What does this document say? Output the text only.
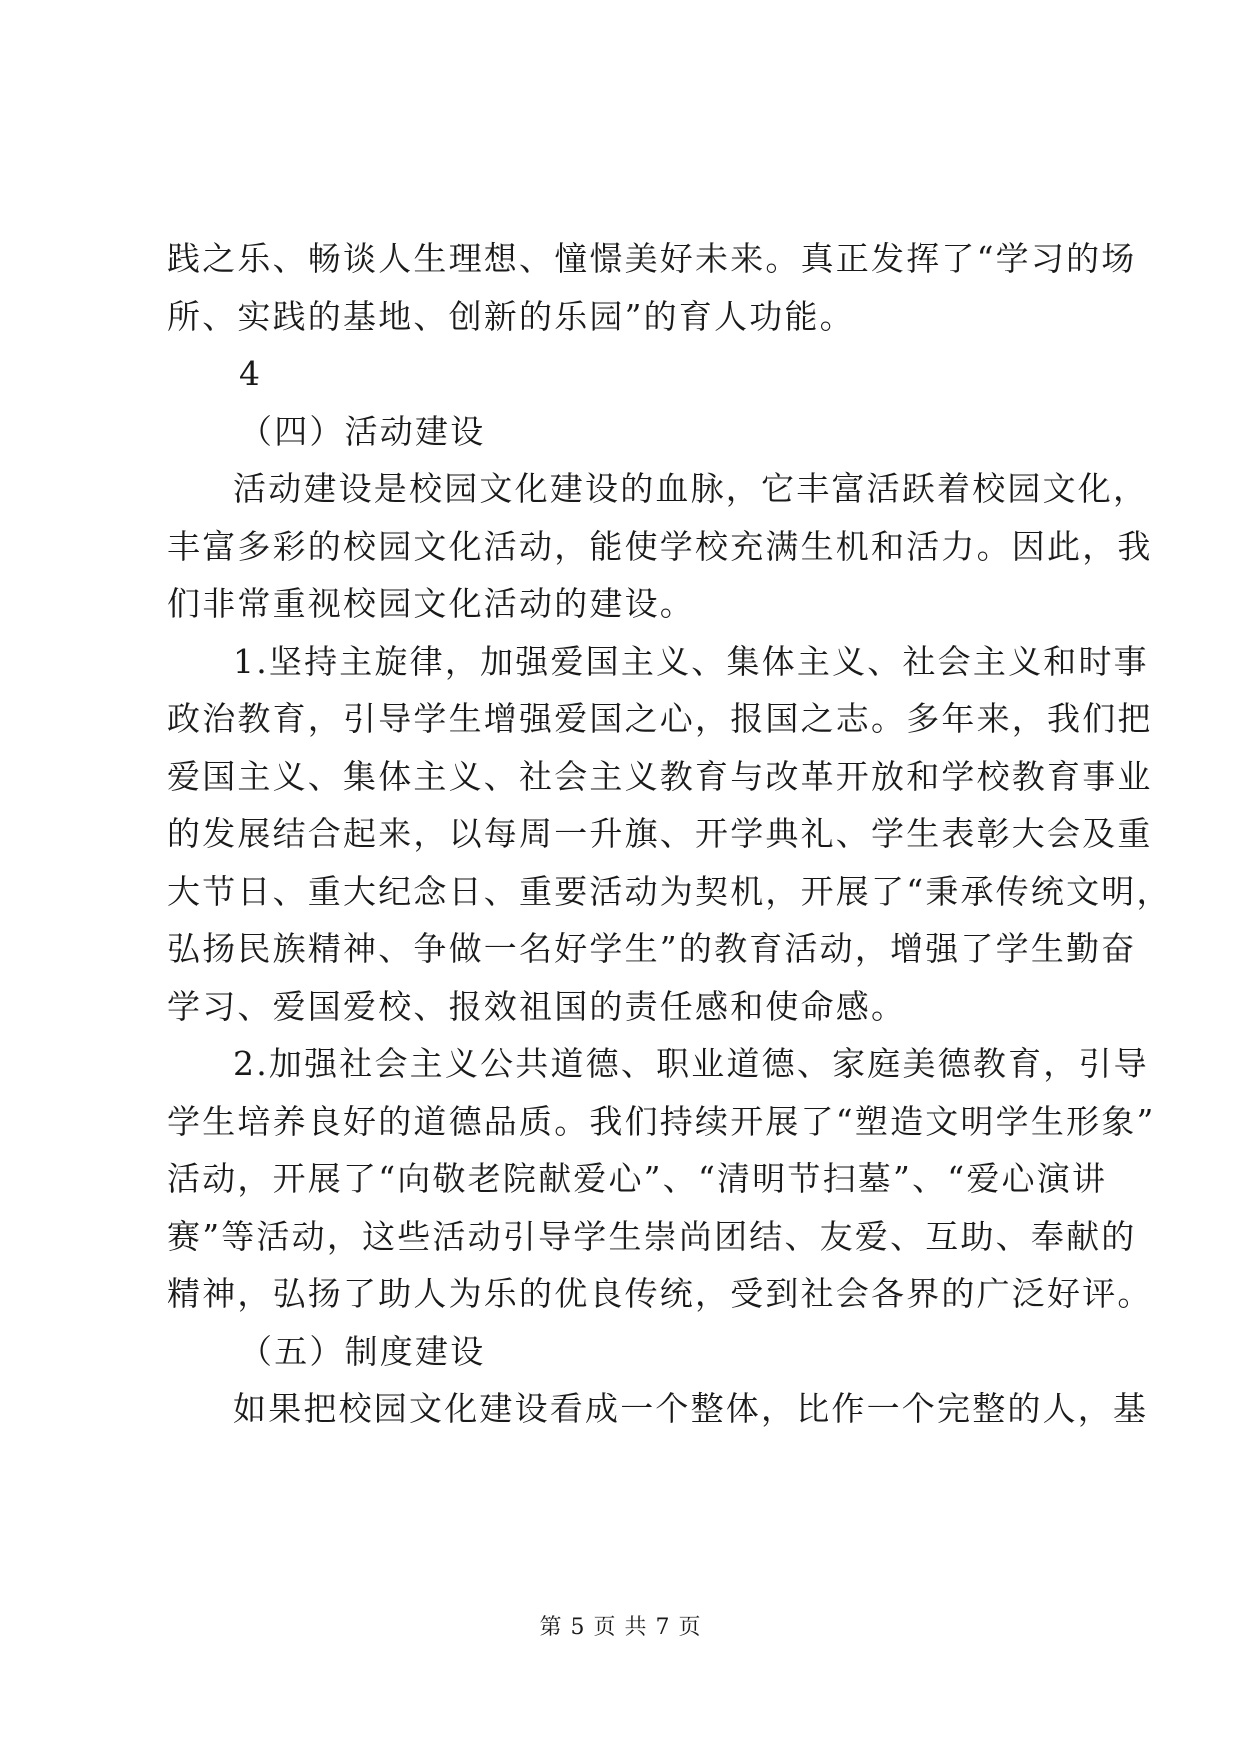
践之乐、畅谈人生理想、憧憬美好未来。真正发挥了“学习的场
所、实践的基地、创新的乐园”的育人功能。
4
（四）活动建设
活动建设是校园文化建设的血脉，它丰富活跃着校园文化，
丰富多彩的校园文化活动，能使学校充满生机和活力。因此，我
们非常重视校园文化活动的建设。
1.坚持主旋律，加强爱国主义、集体主义、社会主义和时事
政治教育，引导学生增强爱国之心，报国之志。多年来，我们把
爱国主义、集体主义、社会主义教育与改革开放和学校教育事业
的发展结合起来，以每周一升旗、开学典礼、学生表彰大会及重
大节日、重大纪念日、重要活动为契机，开展了“秉承传统文明，
弘扬民族精神、争做一名好学生”的教育活动，增强了学生勤奋
学习、爱国爱校、报效祖国的责任感和使命感。
2.加强社会主义公共道德、职业道德、家庭美德教育，引导
学生培养良好的道德品质。我们持续开展了“塑造文明学生形象”
活动，开展了“向敬老院献爱心”、“清明节扫墓”、“爱心演讲
赛”等活动，这些活动引导学生崇尚团结、友爱、互助、奉献的
精神，弘扬了助人为乐的优良传统，受到社会各界的广泛好评。
（五）制度建设
如果把校园文化建设看成一个整体，比作一个完整的人，基
第 5 页 共 7 页
